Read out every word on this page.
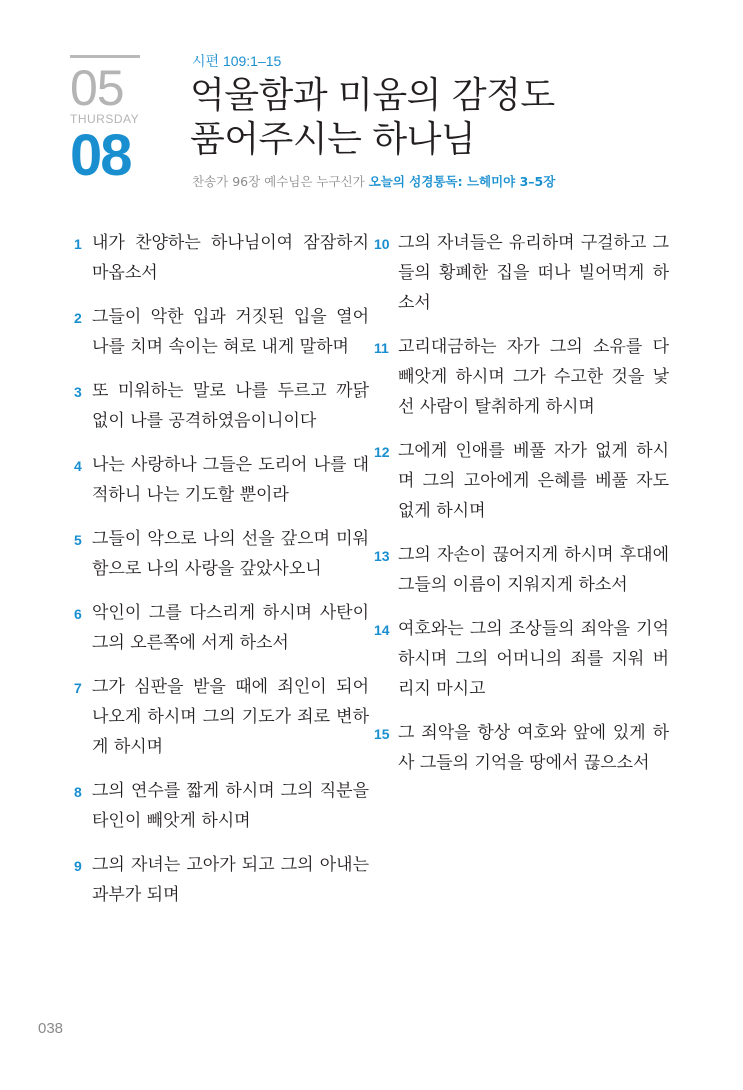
05
THURSDAY
08
시편 109:1–15
억울함과 미움의 감정도
품어주시는 하나님
찬송가 96장 예수님은 누구신가 오늘의 성경통독: 느헤미야 3–5장
1 내가 찬양하는 하나님이여 잠잠하지 마옵소서
2 그들이 악한 입과 거짓된 입을 열어 나를 치며 속이는 혀로 내게 말하며
3 또 미워하는 말로 나를 두르고 까닭 없이 나를 공격하였음이니이다
4 나는 사랑하나 그들은 도리어 나를 대적하니 나는 기도할 뿐이라
5 그들이 악으로 나의 선을 갚으며 미워함으로 나의 사랑을 갚았사오니
6 악인이 그를 다스리게 하시며 사탄이 그의 오른쪽에 서게 하소서
7 그가 심판을 받을 때에 죄인이 되어 나오게 하시며 그의 기도가 죄로 변하게 하시며
8 그의 연수를 짧게 하시며 그의 직분을 타인이 빼앗게 하시며
9 그의 자녀는 고아가 되고 그의 아내는 과부가 되며
10 그의 자녀들은 유리하며 구걸하고 그들의 황폐한 집을 떠나 빌어먹게 하소서
11 고리대금하는 자가 그의 소유를 다 빼앗게 하시며 그가 수고한 것을 낯선 사람이 탈취하게 하시며
12 그에게 인애를 베풀 자가 없게 하시며 그의 고아에게 은혜를 베풀 자도 없게 하시며
13 그의 자손이 끊어지게 하시며 후대에 그들의 이름이 지워지게 하소서
14 여호와는 그의 조상들의 죄악을 기억하시며 그의 어머니의 죄를 지워 버리지 마시고
15 그 죄악을 항상 여호와 앞에 있게 하사 그들의 기억을 땅에서 끊으소서
038
